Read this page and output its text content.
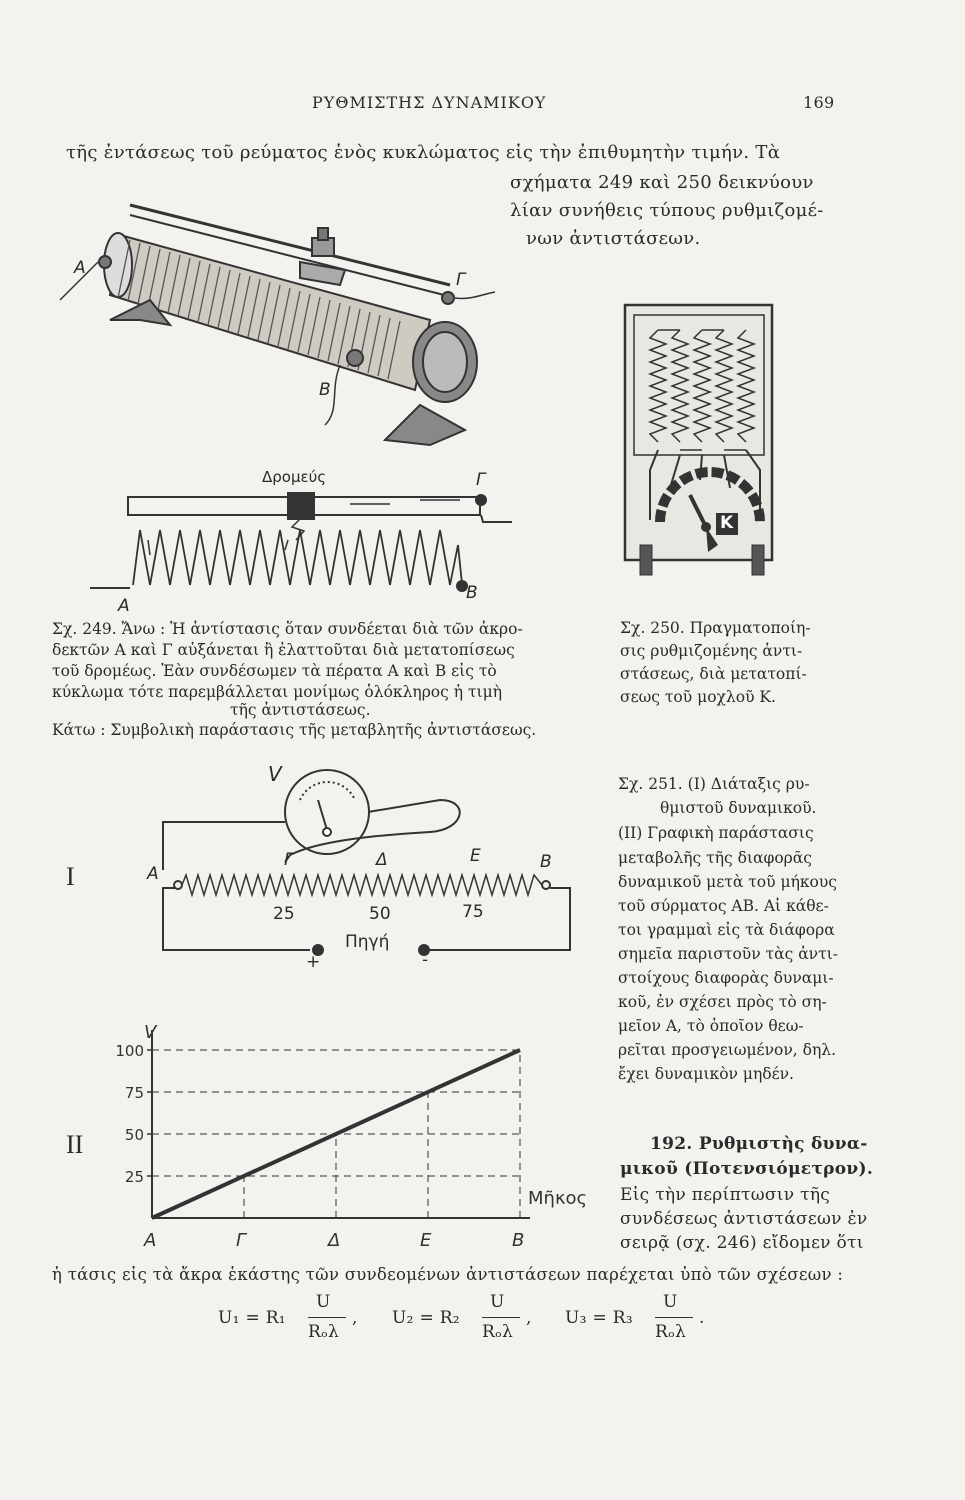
ΡΥΘΜΙΣΤΗΣ ΔΥΝΑΜΙΚΟΥ	169
τῆς ἐντάσεως τοῦ ρεύματος ἑνὸς κυκλώματος εἰς τὴν ἐπιθυμητὴν τιμήν. Τὰ
σχήματα 249 καὶ 250 δεικνύουν
λίαν συνήθεις τύπους ρυθμιζομέ-
νων ἀντιστάσεων.
A
Γ
B
Δρομεύς	Γ
A
B
Σχ. 249. Ἄνω : Ἡ ἀντίστασις ὅταν συνδέεται διὰ τῶν ἀκρο-
δεκτῶν Α καὶ Γ αὐξάνεται ἢ ἐλαττοῦται διὰ μετατοπίσεως
τοῦ δρομέως. Ἐὰν συνδέσωμεν τὰ πέρατα Α καὶ Β εἰς τὸ
κύκλωμα τότε παρεμβάλλεται μονίμως ὁλόκληρος ἡ τιμὴ
τῆς ἀντιστάσεως.
Κάτω : Συμβολικὴ παράστασις τῆς μεταβλητῆς ἀντιστάσεως.
K
Σχ. 250. Πραγματοποίη-
σις ρυθμιζομένης ἀντι-
στάσεως, διὰ μετατοπί-
σεως τοῦ μοχλοῦ Κ.
I
V
A
Γ	Δ	Ε	B
25	50	75
Πηγή
+	-
V
Μῆκος
100
75
50
25
A	Γ	Δ	Ε	B
II
Σχ. 251. (Ι) Διάταξις ρυ-
θμιστοῦ δυναμικοῦ.
(ΙΙ) Γραφικὴ παράστασις
μεταβολῆς τῆς διαφορᾶς
δυναμικοῦ μετὰ τοῦ μήκους
τοῦ σύρματος ΑΒ. Αἱ κάθε-
τοι γραμμαὶ εἰς τὰ διάφορα
σημεῖα παριστοῦν τὰς ἀντι-
στοίχους διαφορὰς δυναμι-
κοῦ, ἐν σχέσει πρὸς τὸ ση-
μεῖον Α, τὸ ὁποῖον θεω-
ρεῖται προσγειωμένον, δηλ.
ἔχει δυναμικὸν μηδέν.
192. Ρυθμιστὴς δυνα-
μικοῦ (Ποτενσιόμετρον).
Εἰς τὴν περίπτωσιν τῆς
συνδέσεως ἀντιστάσεων ἐν
σειρᾷ (σχ. 246) εἴδομεν ὅτι
ἡ τάσις εἰς τὰ ἄκρα ἑκάστης τῶν συνδεομένων ἀντιστάσεων παρέχεται ὑπὸ τῶν σχέσεων :
U₁ = R₁
U
Rₒλ
, U₂ = R₂
U
Rₒλ
, U₃ = R₃
U
Rₒλ
.
